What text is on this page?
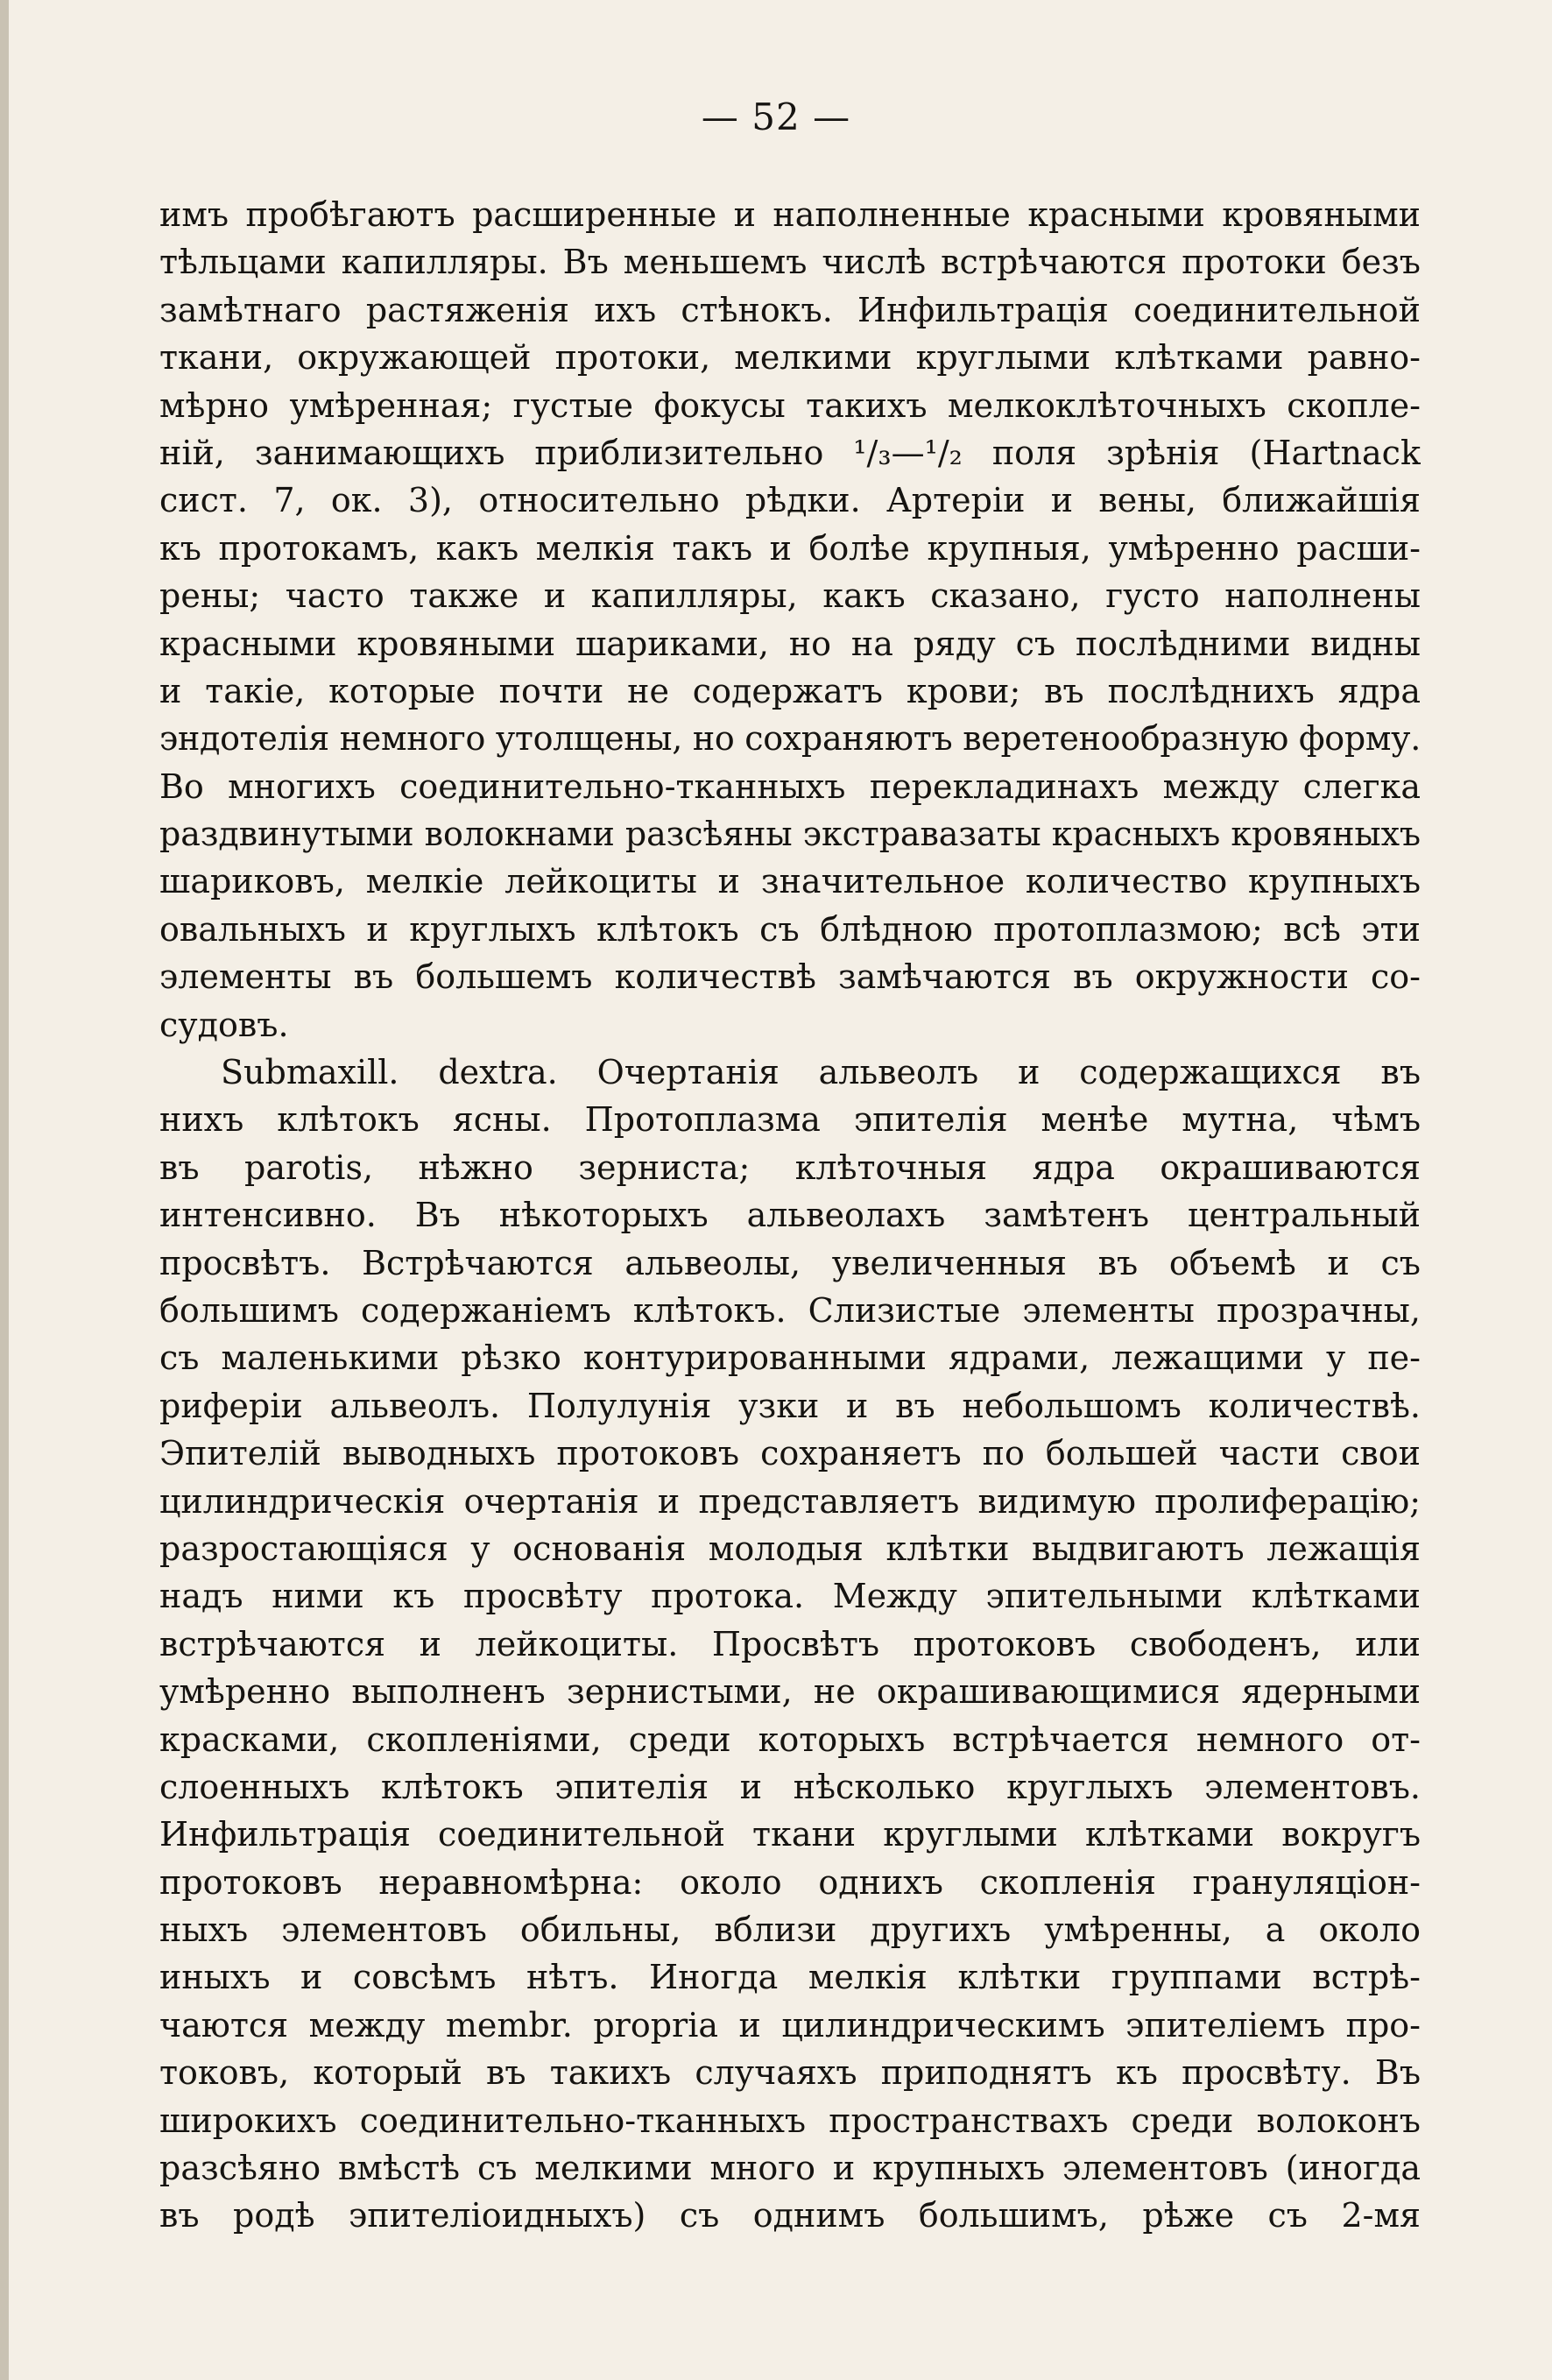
— 52 —
имъ пробѣгаютъ расширенные и наполненные красными кровяными
тѣльцами капилляры. Въ меньшемъ числѣ встрѣчаются протоки безъ
замѣтнаго растяженія ихъ стѣнокъ. Инфильтрація соединительной
ткани, окружающей протоки, мелкими круглыми клѣтками равно-
мѣрно умѣренная; густые фокусы такихъ мелкоклѣточныхъ скопле-
ній, занимающихъ приблизительно ¹/₃—¹/₂ поля зрѣнія (Hartnack
сист. 7, ок. 3), относительно рѣдки. Артеріи и вены, ближайшія
къ протокамъ, какъ мелкія такъ и болѣе крупныя, умѣренно расши-
рены; часто также и капилляры, какъ сказано, густо наполнены
красными кровяными шариками, но на ряду съ послѣдними видны
и такіе, которые почти не содержатъ крови; въ послѣднихъ ядра
эндотелія немного утолщены, но сохраняютъ веретенообразную форму.
Во многихъ соединительно-тканныхъ перекладинахъ между слегка
раздвинутыми волокнами разсѣяны экстравазаты красныхъ кровяныхъ
шариковъ, мелкіе лейкоциты и значительное количество крупныхъ
овальныхъ и круглыхъ клѣтокъ съ блѣдною протоплазмою; всѣ эти
элементы въ большемъ количествѣ замѣчаются въ окружности со-
судовъ.
Submaxill. dextra. Очертанія альвеолъ и содержащихся въ
нихъ клѣтокъ ясны. Протоплазма эпителія менѣе мутна, чѣмъ
въ parotis, нѣжно зерниста; клѣточныя ядра окрашиваются
интенсивно. Въ нѣкоторыхъ альвеолахъ замѣтенъ центральный
просвѣтъ. Встрѣчаются альвеолы, увеличенныя въ объемѣ и съ
большимъ содержаніемъ клѣтокъ. Слизистые элементы прозрачны,
съ маленькими рѣзко контурированными ядрами, лежащими у пе-
риферіи альвеолъ. Полулунія узки и въ небольшомъ количествѣ.
Эпителій выводныхъ протоковъ сохраняетъ по большей части свои
цилиндрическія очертанія и представляетъ видимую пролиферацію;
разростающіяся у основанія молодыя клѣтки выдвигаютъ лежащія
надъ ними къ просвѣту протока. Между эпительными клѣтками
встрѣчаются и лейкоциты. Просвѣтъ протоковъ свободенъ, или
умѣренно выполненъ зернистыми, не окрашивающимися ядерными
красками, скопленіями, среди которыхъ встрѣчается немного от-
слоенныхъ клѣтокъ эпителія и нѣсколько круглыхъ элементовъ.
Инфильтрація соединительной ткани круглыми клѣтками вокругъ
протоковъ неравномѣрна: около однихъ скопленія грануляціон-
ныхъ элементовъ обильны, вблизи другихъ умѣренны, а около
иныхъ и совсѣмъ нѣтъ. Иногда мелкія клѣтки группами встрѣ-
чаются между membr. propria и цилиндрическимъ эпителіемъ про-
токовъ, который въ такихъ случаяхъ приподнятъ къ просвѣту. Въ
широкихъ соединительно-тканныхъ пространствахъ среди волоконъ
разсѣяно вмѣстѣ съ мелкими много и крупныхъ элементовъ (иногда
въ родѣ эпителіоидныхъ) съ однимъ большимъ, рѣже съ 2-мя
